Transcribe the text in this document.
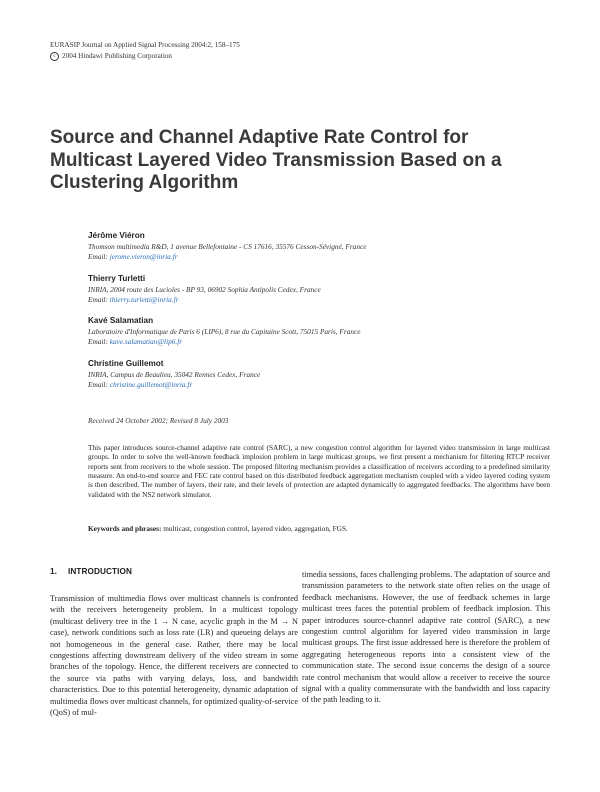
EURASIP Journal on Applied Signal Processing 2004:2, 158–175
c 2004 Hindawi Publishing Corporation
Source and Channel Adaptive Rate Control for Multicast Layered Video Transmission Based on a Clustering Algorithm
Jérôme Viéron
Thomson multimedia R&D, 1 avenue Bellefontaine - CS 17616, 35576 Cesson-Sévigné, France
Email: jerome.vieron@inria.fr
Thierry Turletti
INRIA, 2004 route des Lucioles - BP 93, 06902 Sophia Antipolis Cedex, France
Email: thierry.turletti@inria.fr
Kavé Salamatian
Laboratoire d'Informatique de Paris 6 (LIP6), 8 rue du Capitaine Scott, 75015 Paris, France
Email: kave.salamatian@lip6.fr
Christine Guillemot
INRIA, Campus de Beaulieu, 35042 Rennes Cedex, France
Email: christine.guillemot@inria.fr
Received 24 October 2002; Revised 8 July 2003

This paper introduces source-channel adaptive rate control (SARC), a new congestion control algorithm for layered video transmission in large multicast groups. In order to solve the well-known feedback implosion problem in large multicast groups, we first present a mechanism for filtering RTCP receiver reports sent from receivers to the whole session. The proposed filtering mechanism provides a classification of receivers according to a predefined similarity measure. An end-to-end source and FEC rate control based on this distributed feedback aggregation mechanism coupled with a video layered coding system is then described. The number of layers, their rate, and their levels of protection are adapted dynamically to aggregated feedbacks. The algorithms have been validated with the NS2 network simulator.

Keywords and phrases: multicast, congestion control, layered video, aggregation, FGS.
1. INTRODUCTION

Transmission of multimedia flows over multicast channels is confronted with the receivers heterogeneity problem. In a multicast topology (multicast delivery tree in the 1 → N case, acyclic graph in the M → N case), network conditions such as loss rate (LR) and queueing delays are not homogeneous in the general case. Rather, there may be local congestions affecting downstream delivery of the video stream in some branches of the topology. Hence, the different receivers are connected to the source via paths with varying delays, loss, and bandwidth characteristics. Due to this potential heterogeneity, dynamic adaptation of multimedia flows over multicast channels, for optimized quality-of-service (QoS) of mul-

timedia sessions, faces challenging problems. The adaptation of source and transmission parameters to the network state often relies on the usage of feedback mechanisms. However, the use of feedback schemes in large multicast trees faces the potential problem of feedback implosion. This paper introduces source-channel adaptive rate control (SARC), a new congestion control algorithm for layered video transmission in large multicast groups. The first issue addressed here is therefore the problem of aggregating heterogeneous reports into a consistent view of the communication state. The second issue concerns the design of a source rate control mechanism that would allow a receiver to receive the source signal with a quality commensurate with the bandwidth and loss capacity of the path leading to it.
